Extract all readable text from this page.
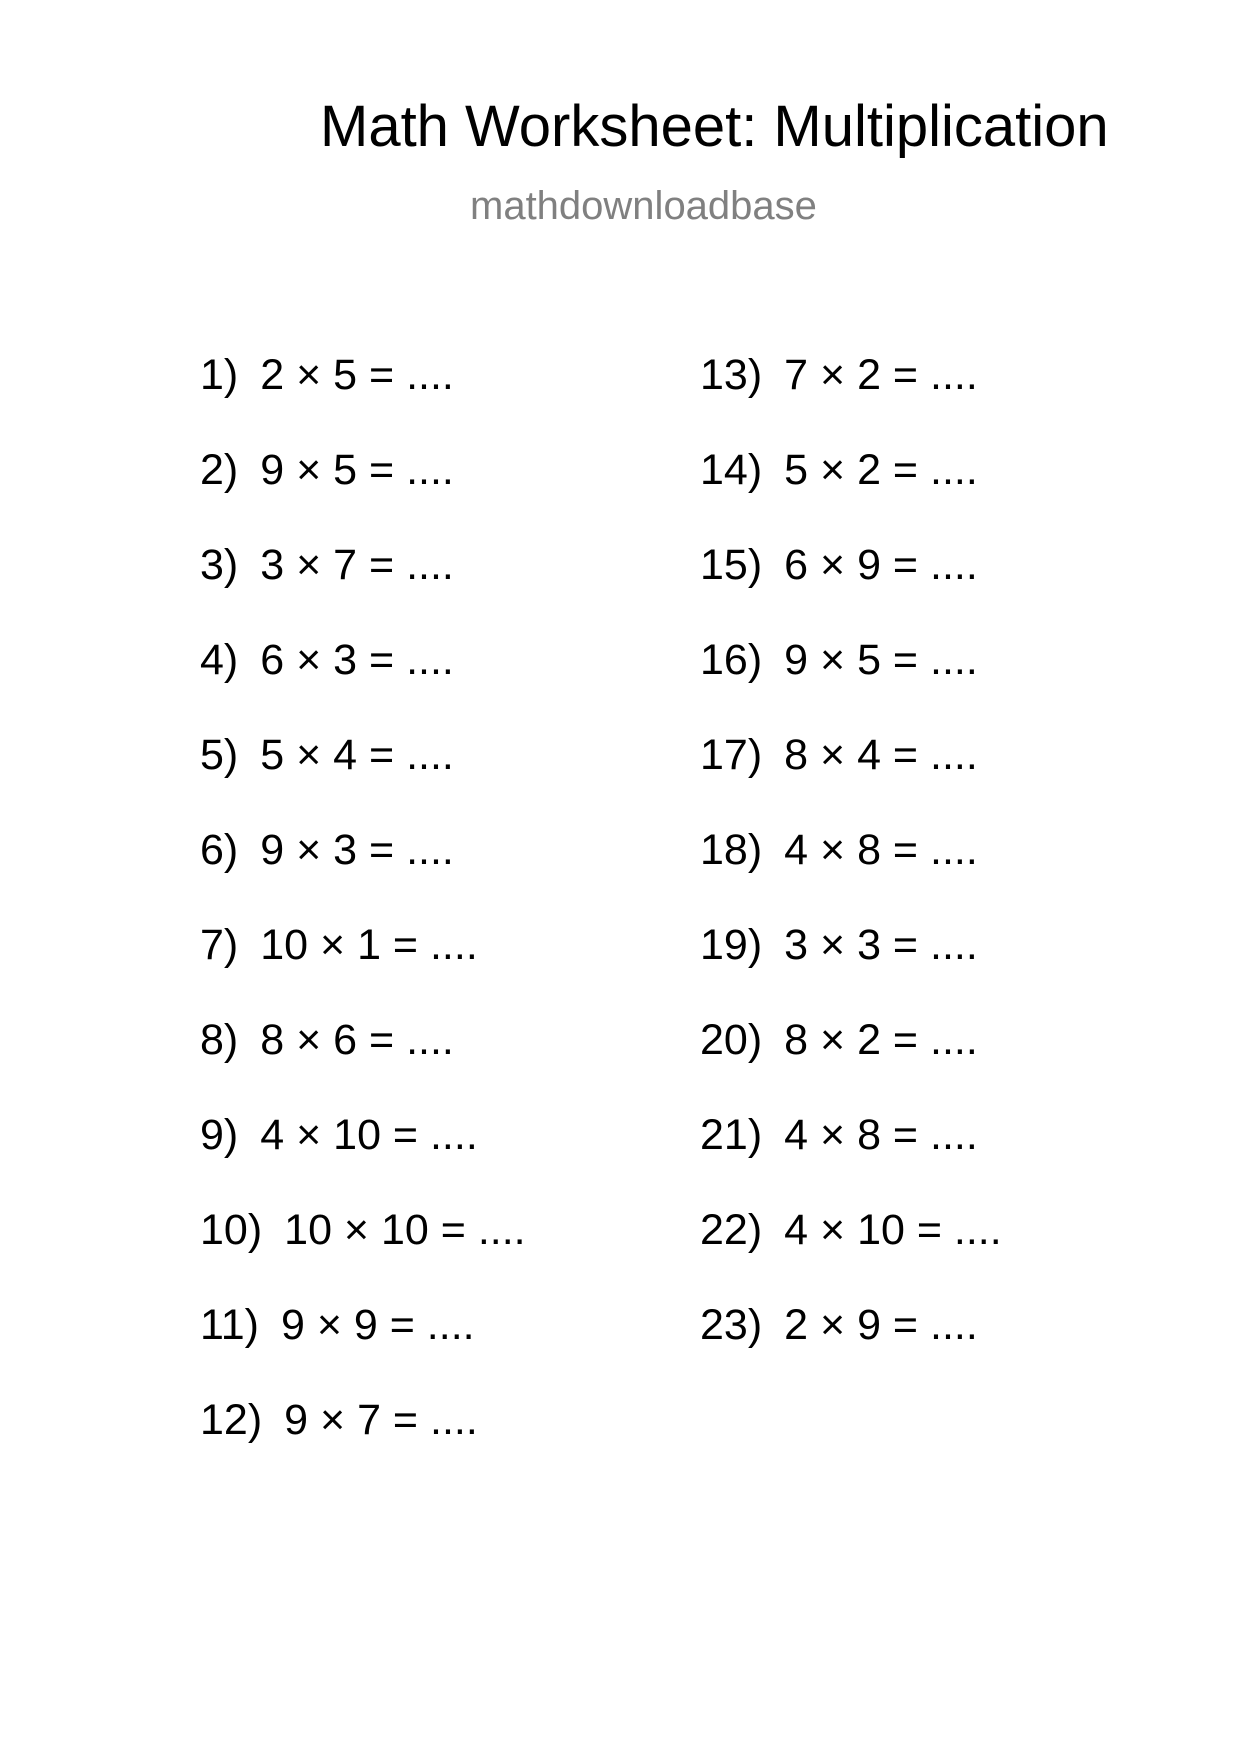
Math Worksheet: Multiplication
mathdownloadbase
1) 2 × 5 = ....
2) 9 × 5 = ....
3) 3 × 7 = ....
4) 6 × 3 = ....
5) 5 × 4 = ....
6) 9 × 3 = ....
7) 10 × 1 = ....
8) 8 × 6 = ....
9) 4 × 10 = ....
10) 10 × 10 = ....
11) 9 × 9 = ....
12) 9 × 7 = ....
13) 7 × 2 = ....
14) 5 × 2 = ....
15) 6 × 9 = ....
16) 9 × 5 = ....
17) 8 × 4 = ....
18) 4 × 8 = ....
19) 3 × 3 = ....
20) 8 × 2 = ....
21) 4 × 8 = ....
22) 4 × 10 = ....
23) 2 × 9 = ....
